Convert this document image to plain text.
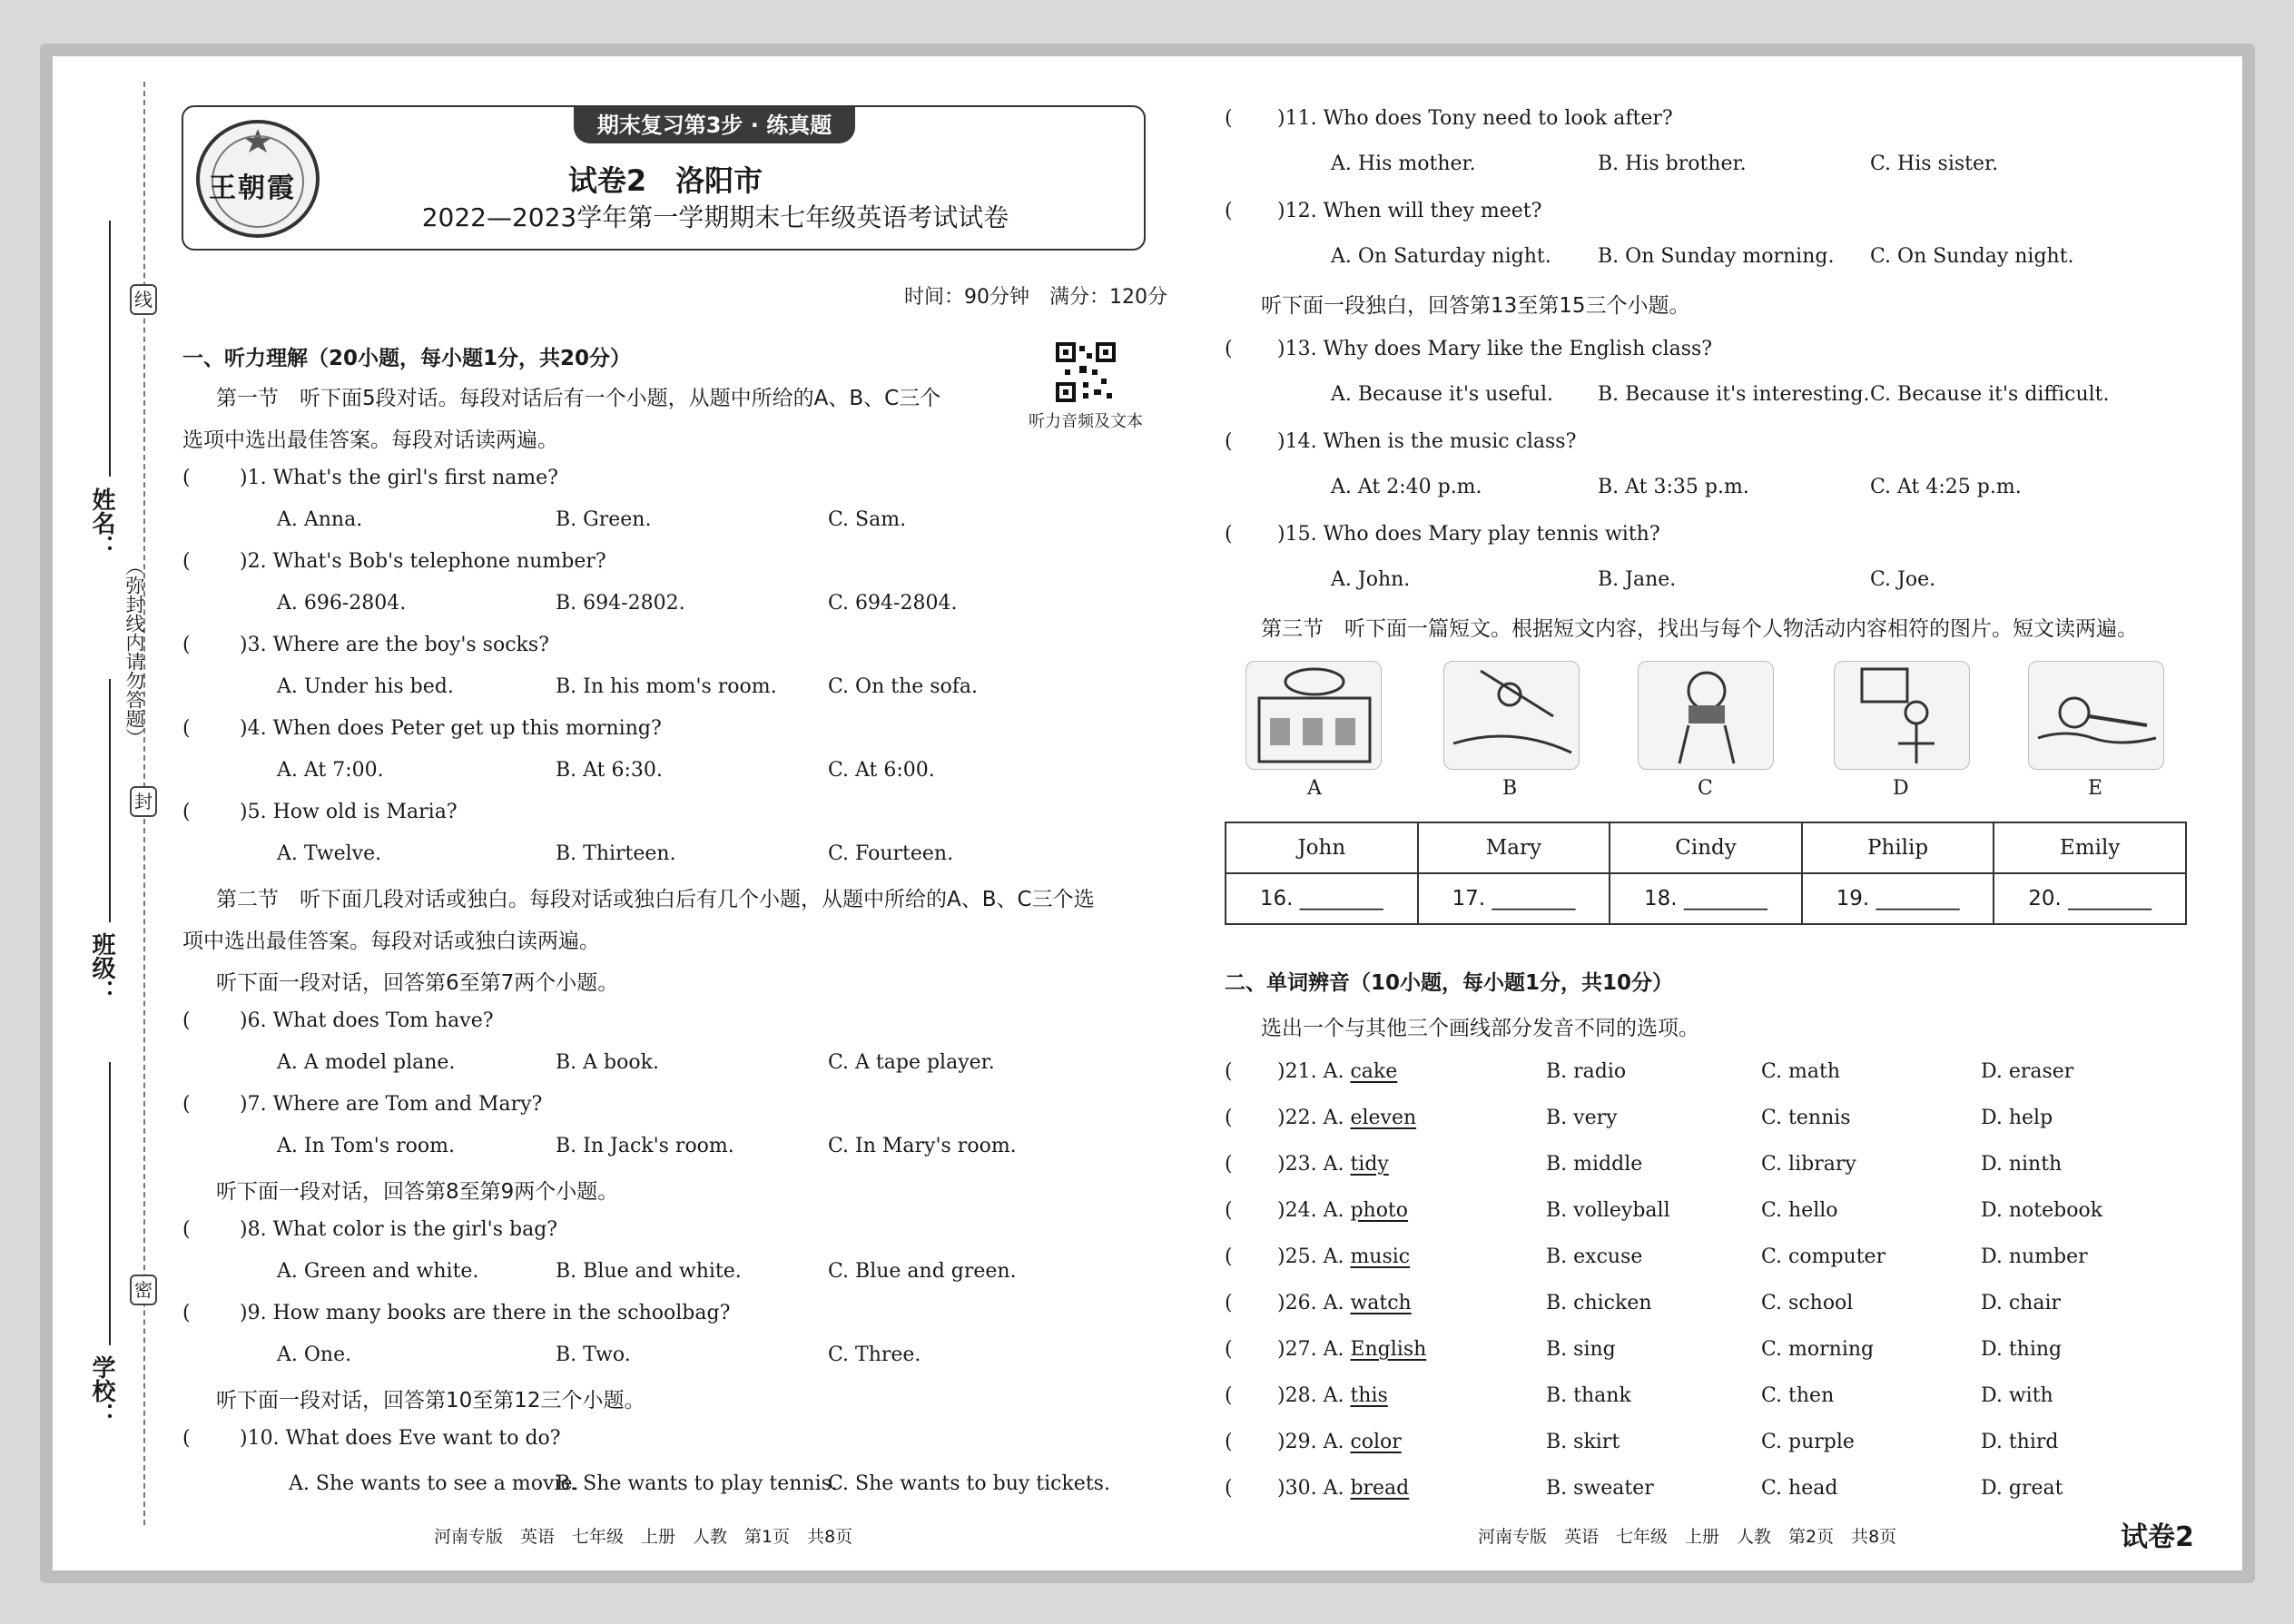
线
封
密
（弥封线内请勿答题）
姓名：
班级：
学校：
期末复习第3步 · 练真题
王朝霞	试卷2　洛阳市
2022—2023学年第一学期期末七年级英语考试试卷
时间：90分钟　满分：120分
听力音频及文本
一、听力理解（20小题，每小题1分，共20分）
第一节　听下面5段对话。每段对话后有一个小题，从题中所给的A、B、C三个
选项中选出最佳答案。每段对话读两遍。
( )1. What's the girl's first name?
A. Anna.	B. Green.	C. Sam.
( )2. What's Bob's telephone number?
A. 696-2804.	B. 694-2802.	C. 694-2804.
( )3. Where are the boy's socks?
A. Under his bed.	B. In his mom's room.	C. On the sofa.
( )4. When does Peter get up this morning?
A. At 7:00.	B. At 6:30.	C. At 6:00.
( )5. How old is Maria?
A. Twelve.	B. Thirteen.	C. Fourteen.
第二节　听下面几段对话或独白。每段对话或独白后有几个小题，从题中所给的A、B、C三个选
项中选出最佳答案。每段对话或独白读两遍。
听下面一段对话，回答第6至第7两个小题。
( )6. What does Tom have?
A. A model plane.	B. A book.	C. A tape player.
( )7. Where are Tom and Mary?
A. In Tom's room.	B. In Jack's room.	C. In Mary's room.
听下面一段对话，回答第8至第9两个小题。
( )8. What color is the girl's bag?
A. Green and white.	B. Blue and white.	C. Blue and green.
( )9. How many books are there in the schoolbag?
A. One.	B. Two.	C. Three.
听下面一段对话，回答第10至第12三个小题。
( )10. What does Eve want to do?
A. She wants to see a movie.
B. She wants to play tennis.
C. She wants to buy tickets.
河南专版　英语　七年级　上册　人教　第1页　共8页
( )11. Who does Tony need to look after?
A. His mother.	B. His brother.	C. His sister.
( )12. When will they meet?
A. On Saturday night. B. On Sunday morning. C. On Sunday night.
听下面一段独白，回答第13至第15三个小题。
( )13. Why does Mary like the English class?
A. Because it's useful. B. Because it's interesting. C. Because it's difficult.
( )14. When is the music class?
A. At 2:40 p.m.	B. At 3:35 p.m.	C. At 4:25 p.m.
( )15. Who does Mary play tennis with?
A. John.	B. Jane.	C. Joe.
第三节　听下面一篇短文。根据短文内容，找出与每个人物活动内容相符的图片。短文读两遍。
A	B	C	D	E
John	Mary	Cindy	Philip	Emily
16. ________	17. ________	18. ________	19. ________	20. ________
二、单词辨音（10小题，每小题1分，共10分）
选出一个与其他三个画线部分发音不同的选项。
( )21. A. cake	B. radio	C. math	D. eraser
( )22. A. eleven	B. very	C. tennis	D. help
( )23. A. tidy	B. middle	C. library	D. ninth
( )24. A. photo	B. volleyball	C. hello	D. notebook
( )25. A. music	B. excuse	C. computer	D. number
( )26. A. watch	B. chicken	C. school	D. chair
( )27. A. English	B. sing	C. morning	D. thing
( )28. A. this	B. thank	C. then	D. with
( )29. A. color	B. skirt	C. purple	D. third
( )30. A. bread	B. sweater	C. head	D. great
河南专版　英语　七年级　上册　人教　第2页　共8页	试卷2
